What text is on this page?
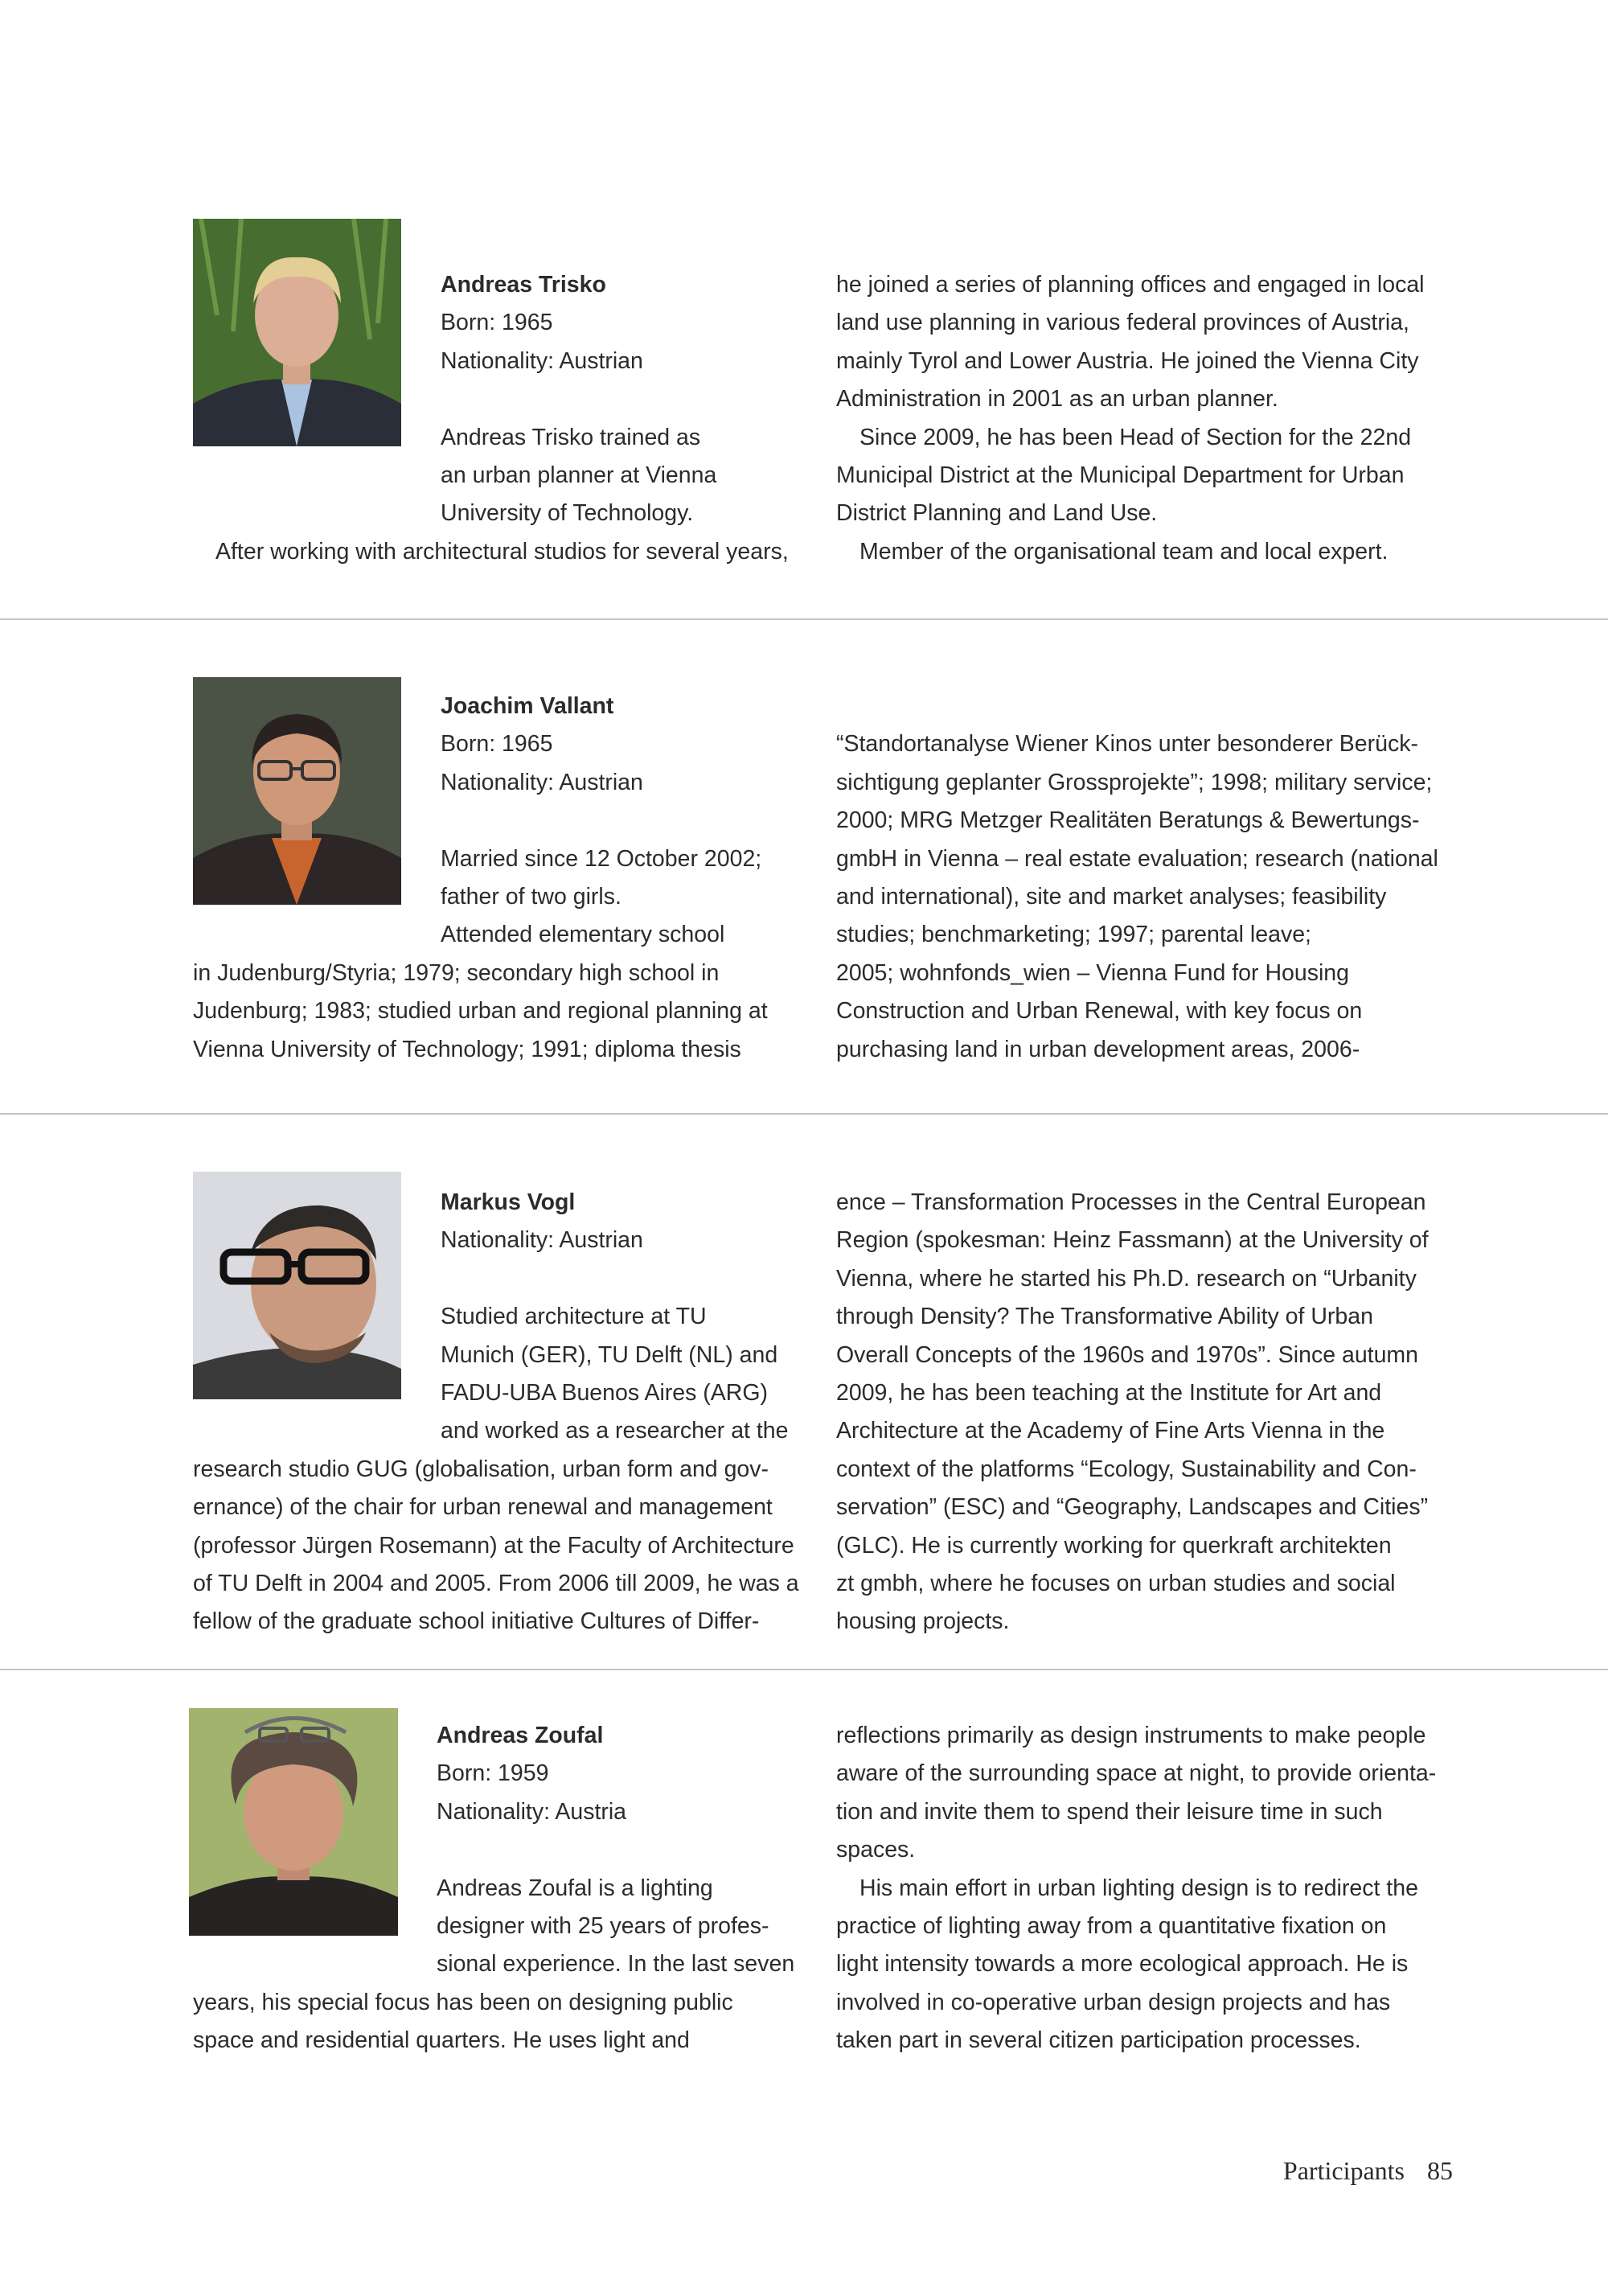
Andreas Trisko
Born: 1965
Nationality: Austrian
Andreas Trisko trained as
an urban planner at Vienna
University of Technology.
After working with architectural studios for several years,
he joined a series of planning offices and engaged in local
land use planning in various federal provinces of Austria,
mainly Tyrol and Lower Austria. He joined the Vienna City
Administration in 2001 as an urban planner.
Since 2009, he has been Head of Section for the 22nd
Municipal District at the Municipal Department for Urban
District Planning and Land Use.
Member of the organisational team and local expert.
Joachim Vallant
Born: 1965
Nationality: Austrian
Married since 12 October 2002;
father of two girls.
Attended elementary school
in Judenburg/Styria; 1979; secondary high school in
Judenburg; 1983; studied urban and regional planning at
Vienna University of Technology; 1991; diploma thesis
“Standortanalyse Wiener Kinos unter besonderer Berück-
sichtigung geplanter Grossprojekte”; 1998; military service;
2000; MRG Metzger Realitäten Beratungs & Bewertungs-
gmbH in Vienna – real estate evaluation; research (national
and international), site and market analyses; feasibility
studies; benchmarketing; 1997; parental leave;
2005; wohnfonds_wien – Vienna Fund for Housing
Construction and Urban Renewal, with key focus on
purchasing land in urban development areas, 2006-
Markus Vogl
Nationality: Austrian
Studied architecture at TU
Munich (GER), TU Delft (NL) and
FADU-UBA Buenos Aires (ARG)
and worked as a researcher at the
research studio GUG (globalisation, urban form and gov-
ernance) of the chair for urban renewal and management
(professor Jürgen Rosemann) at the Faculty of Architecture
of TU Delft in 2004 and 2005. From 2006 till 2009, he was a
fellow of the graduate school initiative Cultures of Differ-
ence – Transformation Processes in the Central European
Region (spokesman: Heinz Fassmann) at the University of
Vienna, where he started his Ph.D. research on “Urbanity
through Density? The Transformative Ability of Urban
Overall Concepts of the 1960s and 1970s”. Since autumn
2009, he has been teaching at the Institute for Art and
Architecture at the Academy of Fine Arts Vienna in the
context of the platforms “Ecology, Sustainability and Con-
servation” (ESC) and “Geography, Landscapes and Cities”
(GLC). He is currently working for querkraft architekten
zt gmbh, where he focuses on urban studies and social
housing projects.
Andreas Zoufal
Born: 1959
Nationality: Austria
Andreas Zoufal is a lighting
designer with 25 years of profes-
sional experience. In the last seven
years, his special focus has been on designing public
space and residential quarters. He uses light and
reflections primarily as design instruments to make people
aware of the surrounding space at night, to provide orienta-
tion and invite them to spend their leisure time in such
spaces.
His main effort in urban lighting design is to redirect the
practice of lighting away from a quantitative fixation on
light intensity towards a more ecological approach. He is
involved in co-operative urban design projects and has
taken part in several citizen participation processes.
Participants 85
